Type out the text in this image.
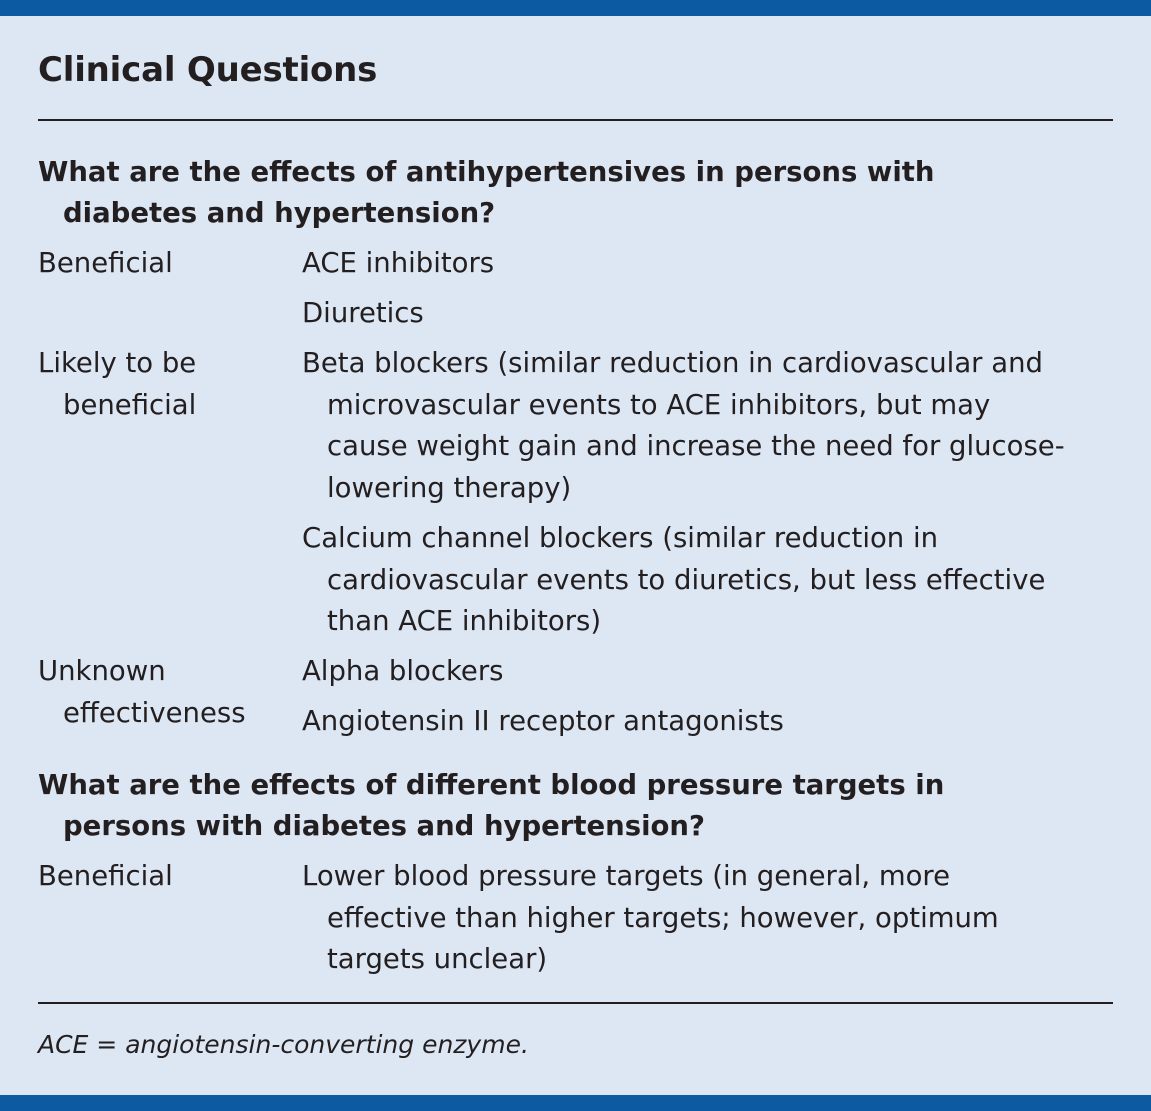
Clinical Questions
What are the effects of antihypertensives in persons with
diabetes and hypertension?
Beneficial	ACE inhibitors
Diuretics
Likely to be
beneficial
Beta blockers (similar reduction in cardiovascular and
microvascular events to ACE inhibitors, but may
cause weight gain and increase the need for glucose-
lowering therapy)
Calcium channel blockers (similar reduction in
cardiovascular events to diuretics, but less effective
than ACE inhibitors)
Unknown
effectiveness
Alpha blockers
Angiotensin II receptor antagonists
What are the effects of different blood pressure targets in
persons with diabetes and hypertension?
Beneficial	Lower blood pressure targets (in general, more
effective than higher targets; however, optimum
targets unclear)
ACE = angiotensin-converting enzyme.
